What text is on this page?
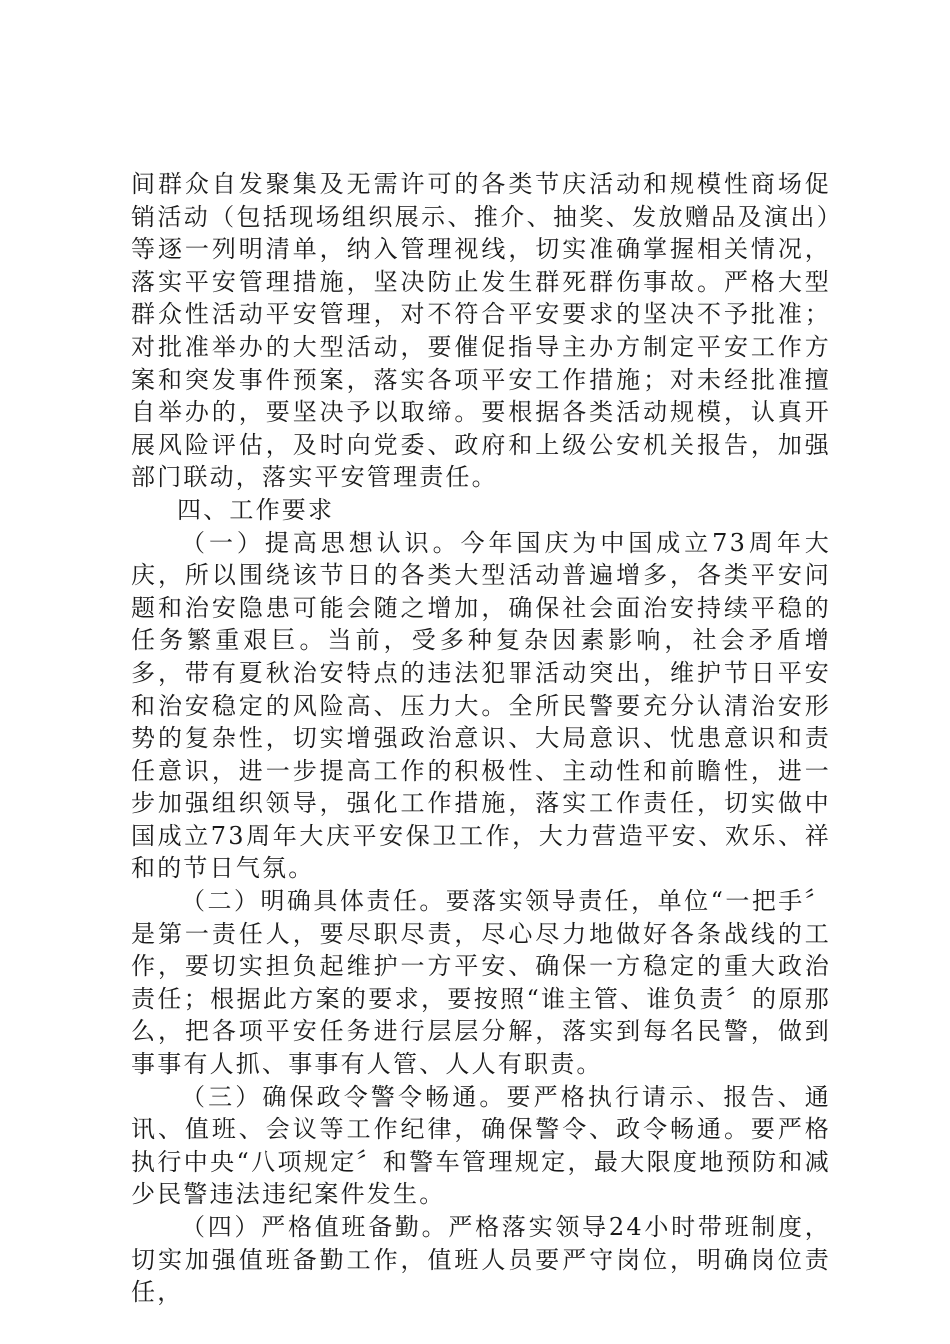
间群众自发聚集及无需许可的各类节庆活动和规模性商场促销活动（包括现场组织展示、推介、抽奖、发放赠品及演出）等逐一列明清单，纳入管理视线，切实准确掌握相关情况，落实平安管理措施，坚决防止发生群死群伤事故。严格大型群众性活动平安管理，对不符合平安要求的坚决不予批准；对批准举办的大型活动，要催促指导主办方制定平安工作方案和突发事件预案，落实各项平安工作措施；对未经批准擅自举办的，要坚决予以取缔。要根据各类活动规模，认真开展风险评估，及时向党委、政府和上级公安机关报告，加强部门联动，落实平安管理责任。

四、工作要求

（一）提高思想认识。今年国庆为中国成立73周年大庆，所以围绕该节日的各类大型活动普遍增多，各类平安问题和治安隐患可能会随之增加，确保社会面治安持续平稳的任务繁重艰巨。当前，受多种复杂因素影响，社会矛盾增多，带有夏秋治安特点的违法犯罪活动突出，维护节日平安和治安稳定的风险高、压力大。全所民警要充分认清治安形势的复杂性，切实增强政治意识、大局意识、忧患意识和责任意识，进一步提高工作的积极性、主动性和前瞻性，进一步加强组织领导，强化工作措施，落实工作责任，切实做中国成立73周年大庆平安保卫工作，大力营造平安、欢乐、祥和的节日气氛。

（二）明确具体责任。要落实领导责任，单位“一把手〞是第一责任人，要尽职尽责，尽心尽力地做好各条战线的工作，要切实担负起维护一方平安、确保一方稳定的重大政治责任；根据此方案的要求，要按照“谁主管、谁负责〞的原那么，把各项平安任务进行层层分解，落实到每名民警，做到事事有人抓、事事有人管、人人有职责。

（三）确保政令警令畅通。要严格执行请示、报告、通讯、值班、会议等工作纪律，确保警令、政令畅通。要严格执行中央“八项规定〞和警车管理规定，最大限度地预防和减少民警违法违纪案件发生。

（四）严格值班备勤。严格落实领导24小时带班制度，切实加强值班备勤工作，值班人员要严守岗位，明确岗位责任，
